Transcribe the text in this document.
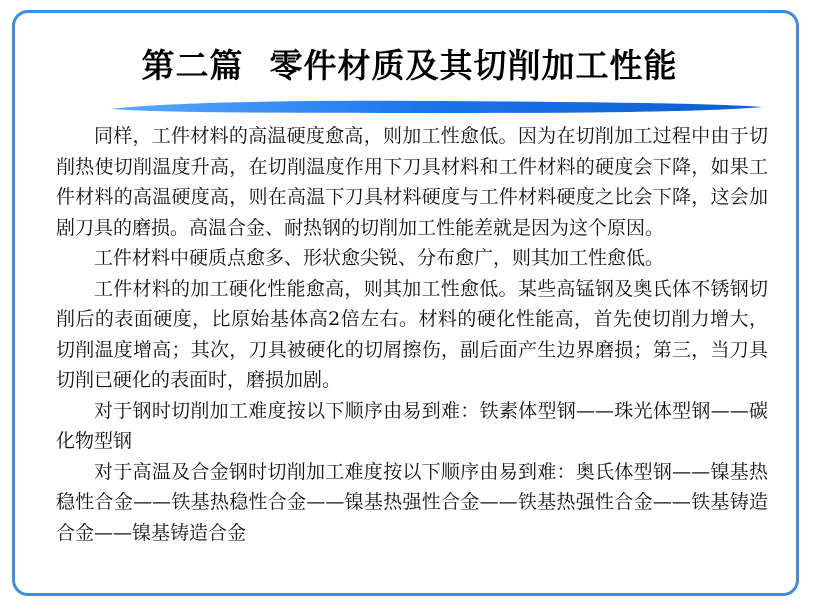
第二篇 零件材质及其切削加工性能

同样，工件材料的高温硬度愈高，则加工性愈低。因为在切削加工过程中由于切削热使切削温度升高，在切削温度作用下刀具材料和工件材料的硬度会下降，如果工件材料的高温硬度高，则在高温下刀具材料硬度与工件材料硬度之比会下降，这会加剧刀具的磨损。高温合金、耐热钢的切削加工性能差就是因为这个原因。

工件材料中硬质点愈多、形状愈尖锐、分布愈广，则其加工性愈低。

工件材料的加工硬化性能愈高，则其加工性愈低。某些高锰钢及奥氏体不锈钢切削后的表面硬度，比原始基体高2倍左右。材料的硬化性能高，首先使切削力增大，切削温度增高；其次，刀具被硬化的切屑擦伤，副后面产生边界磨损；第三，当刀具切削已硬化的表面时，磨损加剧。

对于钢时切削加工难度按以下顺序由易到难：铁素体型钢——珠光体型钢——碳化物型钢

对于高温及合金钢时切削加工难度按以下顺序由易到难：奥氏体型钢——镍基热稳性合金——铁基热稳性合金——镍基热强性合金——铁基热强性合金——铁基铸造合金——镍基铸造合金
